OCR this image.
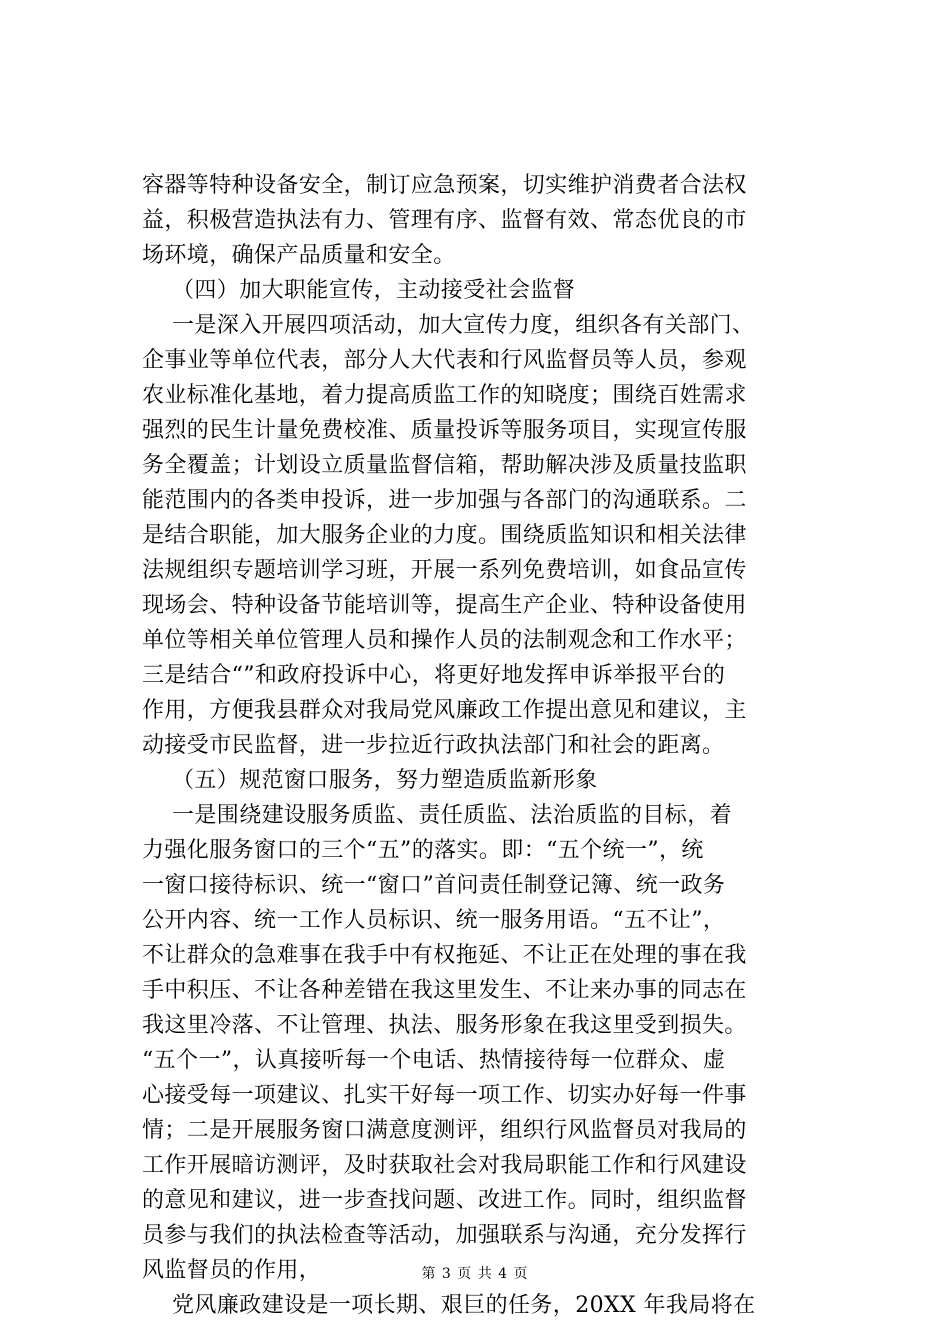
容器等特种设备安全，制订应急预案，切实维护消费者合法权
益，积极营造执法有力、管理有序、监督有效、常态优良的市
场环境，确保产品质量和安全。
（四）加大职能宣传，主动接受社会监督
一是深入开展四项活动，加大宣传力度，组织各有关部门、
企事业等单位代表，部分人大代表和行风监督员等人员，参观
农业标准化基地，着力提高质监工作的知晓度；围绕百姓需求
强烈的民生计量免费校准、质量投诉等服务项目，实现宣传服
务全覆盖；计划设立质量监督信箱，帮助解决涉及质量技监职
能范围内的各类申投诉，进一步加强与各部门的沟通联系。二
是结合职能，加大服务企业的力度。围绕质监知识和相关法律
法规组织专题培训学习班，开展一系列免费培训，如食品宣传
现场会、特种设备节能培训等，提高生产企业、特种设备使用
单位等相关单位管理人员和操作人员的法制观念和工作水平；
三是结合“”和政府投诉中心，将更好地发挥申诉举报平台的
作用，方便我县群众对我局党风廉政工作提出意见和建议，主
动接受市民监督，进一步拉近行政执法部门和社会的距离。
（五）规范窗口服务，努力塑造质监新形象
一是围绕建设服务质监、责任质监、法治质监的目标，着
力强化服务窗口的三个“五”的落实。即：“五个统一”，统
一窗口接待标识、统一“窗口”首问责任制登记簿、统一政务
公开内容、统一工作人员标识、统一服务用语。“五不让”，
不让群众的急难事在我手中有权拖延、不让正在处理的事在我
手中积压、不让各种差错在我这里发生、不让来办事的同志在
我这里冷落、不让管理、执法、服务形象在我这里受到损失。
“五个一”，认真接听每一个电话、热情接待每一位群众、虚
心接受每一项建议、扎实干好每一项工作、切实办好每一件事
情；二是开展服务窗口满意度测评，组织行风监督员对我局的
工作开展暗访测评，及时获取社会对我局职能工作和行风建设
的意见和建议，进一步查找问题、改进工作。同时，组织监督
员参与我们的执法检查等活动，加强联系与沟通，充分发挥行
风监督员的作用，
党风廉政建设是一项长期、艰巨的任务，20XX 年我局将在
第 3 页 共 4 页
